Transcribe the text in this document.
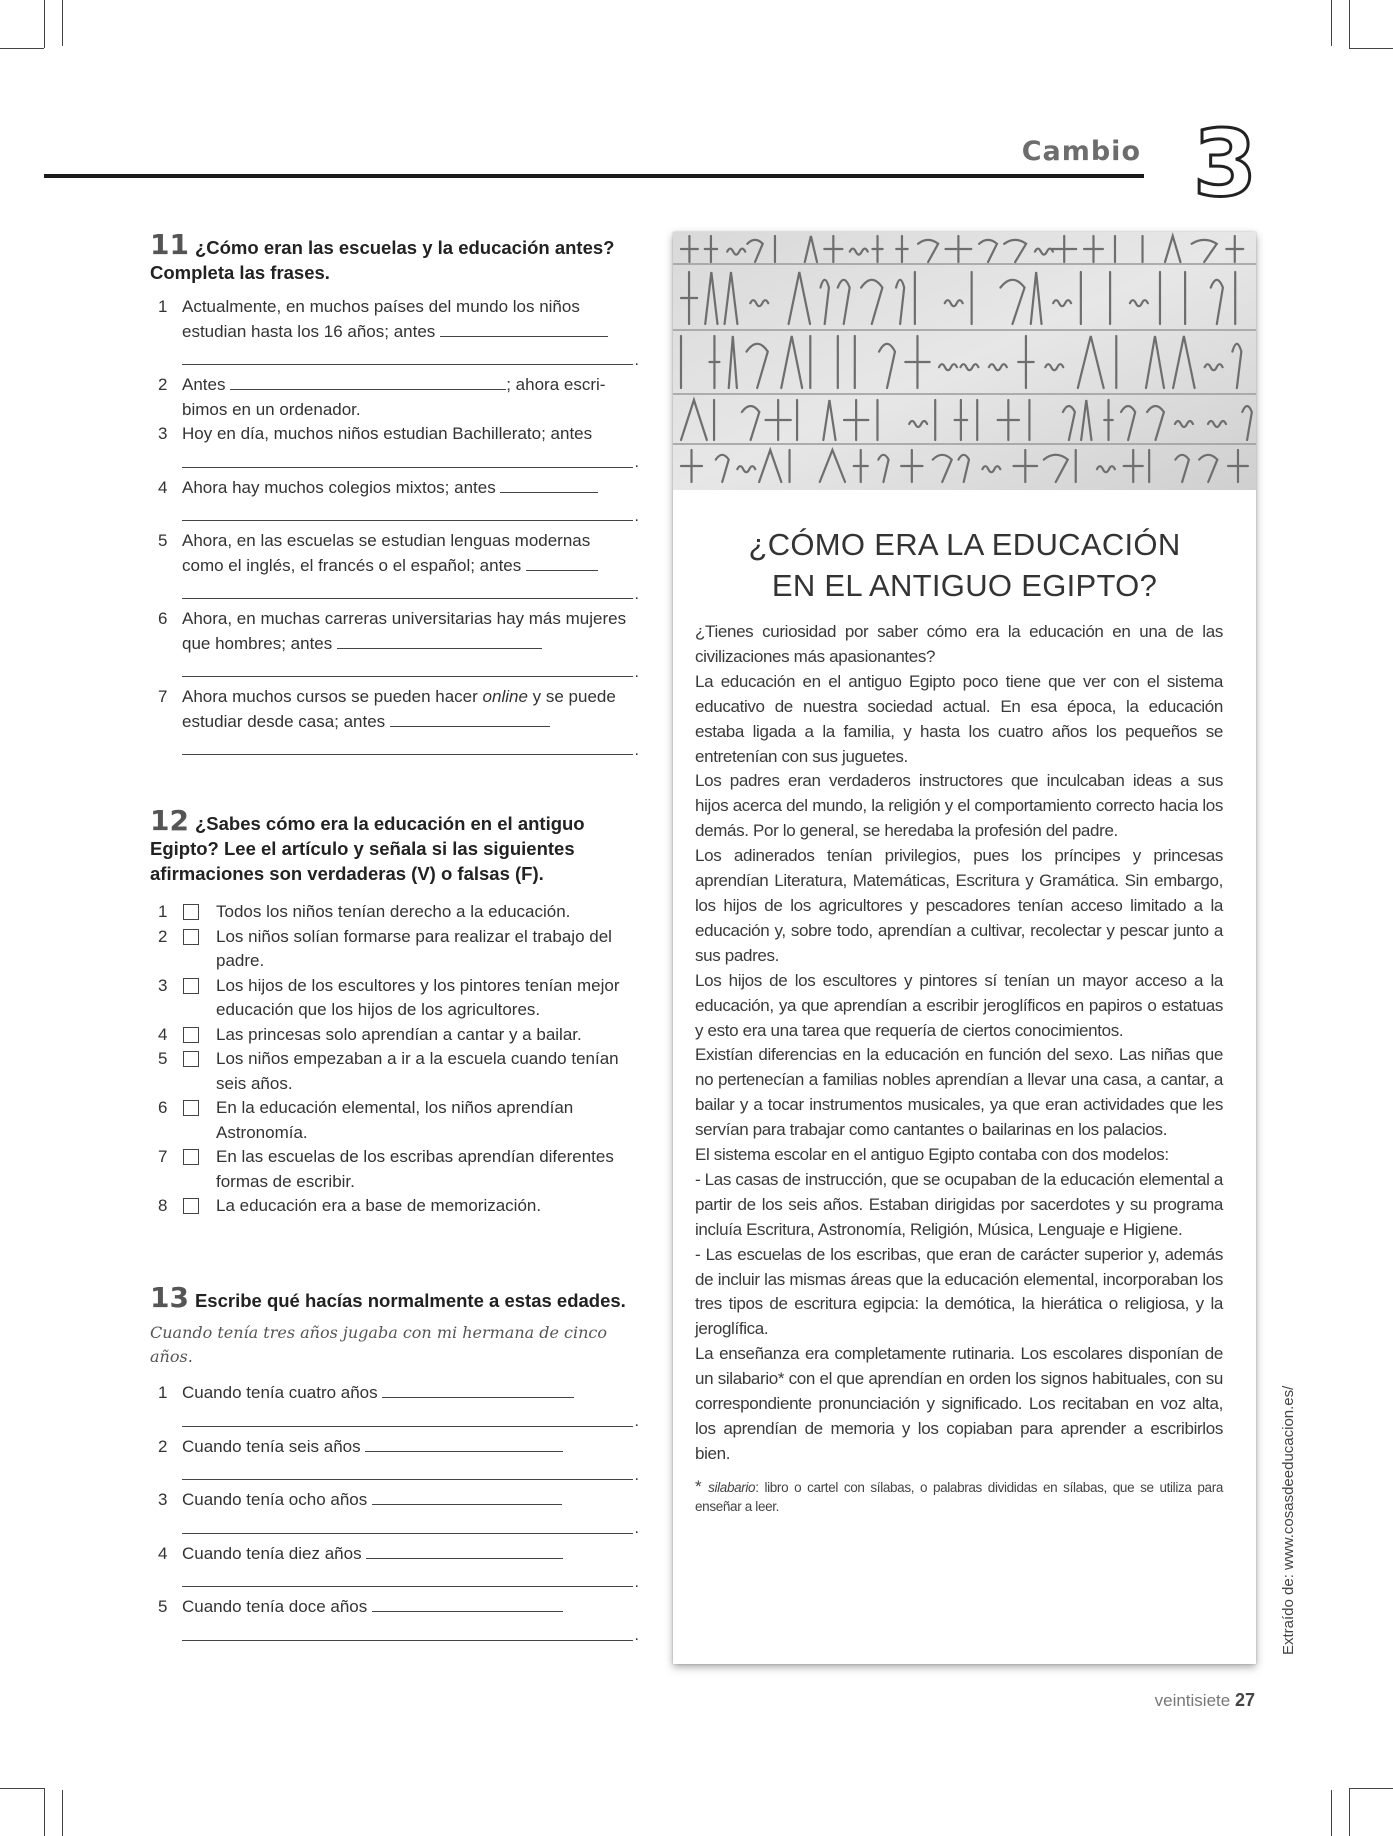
Cambio 3
11 ¿Cómo eran las escuelas y la educación antes? Completa las frases.
1 Actualmente, en muchos países del mundo los niños estudian hasta los 16 años; antes
.
2 Antes	; ahora escri-
bimos en un ordenador.
3 Hoy en día, muchos niños estudian Bachillerato; antes
.
4 Ahora hay muchos colegios mixtos; antes
.
5 Ahora, en las escuelas se estudian lenguas modernas como el inglés, el francés o el español; antes
.
6 Ahora, en muchas carreras universitarias hay más mujeres que hombres; antes
.
7 Ahora muchos cursos se pueden hacer online y se puede estudiar desde casa; antes
.
12 ¿Sabes cómo era la educación en el antiguo Egipto? Lee el artículo y señala si las siguientes afirmaciones son verdaderas (V) o falsas (F).
1	Todos los niños tenían derecho a la educación.
2	Los niños solían formarse para realizar el trabajo del padre.
3	Los hijos de los escultores y los pintores tenían mejor educación que los hijos de los agricultores.
4	Las princesas solo aprendían a cantar y a bailar.
5	Los niños empezaban a ir a la escuela cuando tenían seis años.
6	En la educación elemental, los niños aprendían Astronomía.
7	En las escuelas de los escribas aprendían diferentes formas de escribir.
8	La educación era a base de memorización.
13 Escribe qué hacías normalmente a estas edades.
Cuando tenía tres años jugaba con mi hermana de cinco años.
1 Cuando tenía cuatro años
.
2 Cuando tenía seis años
.
3 Cuando tenía ocho años
.
4 Cuando tenía diez años
.
5 Cuando tenía doce años
.
¿CÓMO ERA LA EDUCACIÓN
EN EL ANTIGUO EGIPTO?

¿Tienes curiosidad por saber cómo era la educación en una de las civilizaciones más apasionantes?

La educación en el antiguo Egipto poco tiene que ver con el sistema educativo de nuestra sociedad actual. En esa época, la educación estaba ligada a la familia, y hasta los cuatro años los pequeños se entretenían con sus juguetes.

Los padres eran verdaderos instructores que inculcaban ideas a sus hijos acerca del mundo, la religión y el comportamiento correcto hacia los demás. Por lo general, se heredaba la profesión del padre.

Los adinerados tenían privilegios, pues los príncipes y princesas aprendían Literatura, Matemáticas, Escritura y Gramática. Sin embargo, los hijos de los agricultores y pescadores tenían acceso limitado a la educación y, sobre todo, aprendían a cultivar, recolectar y pescar junto a sus padres.

Los hijos de los escultores y pintores sí tenían un mayor acceso a la educación, ya que aprendían a escribir jeroglíficos en papiros o estatuas y esto era una tarea que requería de ciertos conocimientos.

Existían diferencias en la educación en función del sexo. Las niñas que no pertenecían a familias nobles aprendían a llevar una casa, a cantar, a bailar y a tocar instrumentos musicales, ya que eran actividades que les servían para trabajar como cantantes o bailarinas en los palacios.

El sistema escolar en el antiguo Egipto contaba con dos modelos:

- Las casas de instrucción, que se ocupaban de la educación elemental a partir de los seis años. Estaban dirigidas por sacerdotes y su programa incluía Escritura, Astronomía, Religión, Música, Lenguaje e Higiene.

- Las escuelas de los escribas, que eran de carácter superior y, además de incluir las mismas áreas que la educación elemental, incorporaban los tres tipos de escritura egipcia: la demótica, la hierática o religiosa, y la jeroglífica.

La enseñanza era completamente rutinaria. Los escolares disponían de un silabario* con el que aprendían en orden los signos habituales, con su correspondiente pronunciación y significado. Los recitaban en voz alta, los aprendían de memoria y los copiaban para aprender a escribirlos bien.

* silabario: libro o cartel con sílabas, o palabras divididas en sílabas, que se utiliza para enseñar a leer.	Extraído de: www.cosasdeeducacion.es/
veintisiete 27
